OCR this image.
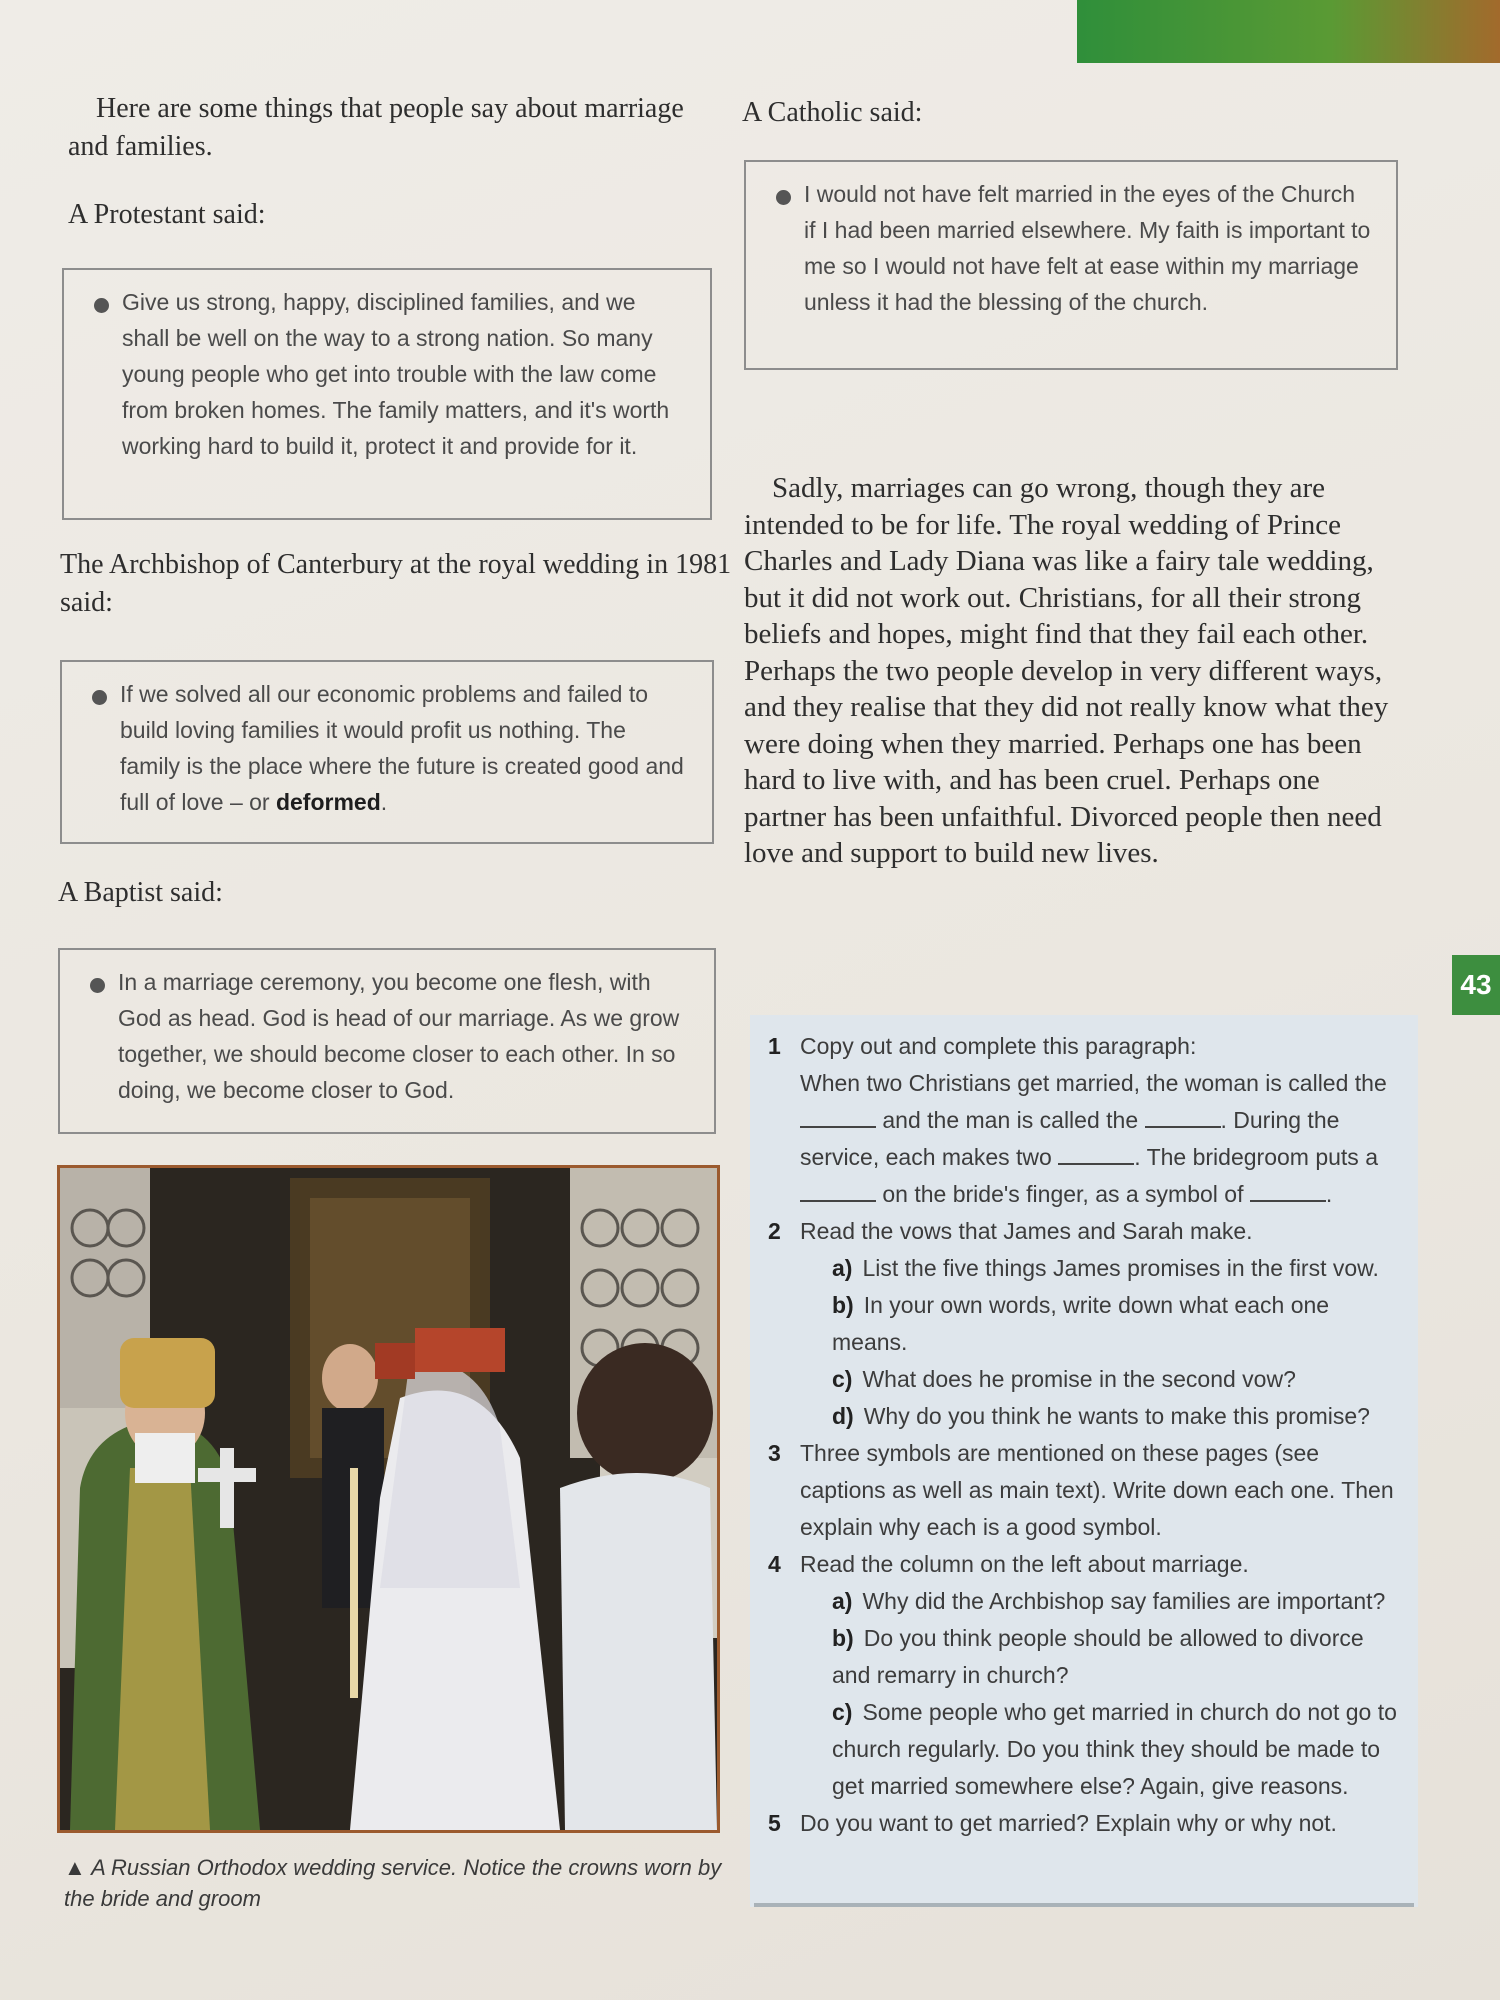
43

Here are some things that people say about marriage and families.

A Protestant said:
Give us strong, happy, disciplined families, and we shall be well on the way to a strong nation. So many young people who get into trouble with the law come from broken homes. The family matters, and it's worth working hard to build it, protect it and provide for it.
The Archbishop of Canterbury at the royal wedding in 1981 said:
If we solved all our economic problems and failed to build loving families it would profit us nothing. The family is the place where the future is created good and full of love – or deformed.
A Baptist said:
In a marriage ceremony, you become one flesh, with God as head. God is head of our marriage. As we grow together, we should become closer to each other. In so doing, we become closer to God.
▲ A Russian Orthodox wedding service. Notice the crowns worn by the bride and groom
A Catholic said:
I would not have felt married in the eyes of the Church if I had been married elsewhere. My faith is important to me so I would not have felt at ease within my marriage unless it had the blessing of the church.

Sadly, marriages can go wrong, though they are intended to be for life. The royal wedding of Prince Charles and Lady Diana was like a fairy tale wedding, but it did not work out. Christians, for all their strong beliefs and hopes, might find that they fail each other. Perhaps the two people develop in very different ways, and they realise that they did not really know what they were doing when they married. Perhaps one has been hard to live with, and has been cruel. Perhaps one partner has been unfaithful. Divorced people then need love and support to build new lives.

1 Copy out and complete this paragraph:
When two Christians get married, the woman is called the  and the man is called the	. During the service, each makes two	. The bridegroom puts a  on the bride's finger, as a symbol of	.
2 Read the vows that James and Sarah make.
a) List the five things James promises in the first vow.
b) In your own words, write down what each one means.
c) What does he promise in the second vow?
d) Why do you think he wants to make this promise?
3 Three symbols are mentioned on these pages (see captions as well as main text). Write down each one. Then explain why each is a good symbol.
4 Read the column on the left about marriage.
a) Why did the Archbishop say families are important?
b) Do you think people should be allowed to divorce and remarry in church?
c) Some people who get married in church do not go to church regularly. Do you think they should be made to get married somewhere else? Again, give reasons.
5 Do you want to get married? Explain why or why not.
